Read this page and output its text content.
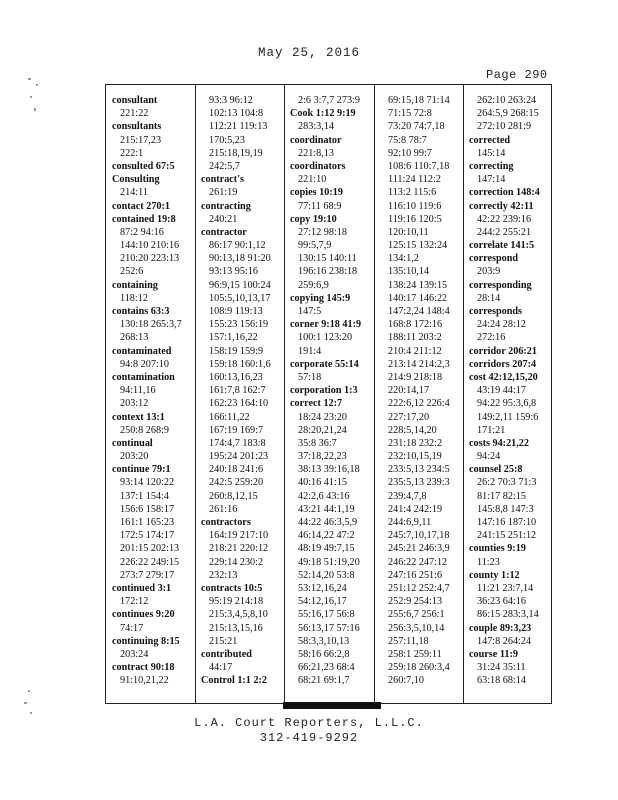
May 25, 2016
Page 290
consultant
221:22
consultants
215:17,23
222:1
consulted 67:5
Consulting
214:11
contact 270:1
contained 19:8
87:2 94:16
144:10 210:16
210:20 223:13
252:6
containing
118:12
contains 63:3
130:18 265:3,7
268:13
contaminated
94:8 207:10
contamination
94:11,16
203:12
context 13:1
250:8 268:9
continual
203:20
continue 79:1
93:14 120:22
137:1 154:4
156:6 158:17
161:1 165:23
172:5 174:17
201:15 202:13
226:22 249:15
273:7 279:17
continued 3:1
172:12
continues 9:20
74:17
continuing 8:15
203:24
contract 90:18
91:10,21,22
93:3 96:12
102:13 104:8
112:21 119:13
170:5,23
215:18,19,19
242:5,7
contract's
261:19
contracting
240:21
contractor
86:17 90:1,12
90:13,18 91:20
93:13 95:16
96:9,15 100:24
105:5,10,13,17
108:9 119:13
155:23 156:19
157:1,16,22
158:19 159:9
159:18 160:1,6
160:13,16,23
161:7,8 162:7
162:23 164:10
166:11,22
167:19 169:7
174:4,7 183:8
195:24 201:23
240:18 241:6
242:5 259:20
260:8,12,15
261:16
contractors
164:19 217:10
218:21 220:12
229:14 230:2
232:13
contracts 10:5
95:19 214:18
215:3,4,5,8,10
215:13,15,16
215:21
contributed
44:17
Control 1:1 2:2
2:6 3:7,7 273:9
Cook 1:12 9:19
283:3,14
coordinator
221:8,13
coordinators
221:10
copies 10:19
77:11 68:9
copy 19:10
27:12 98:18
99:5,7,9
130:15 140:11
196:16 238:18
259:6,9
copying 145:9
147:5
corner 9:18 41:9
100:1 123:20
191:4
corporate 55:14
57:18
corporation 1:3
correct 12:7
18:24 23:20
28:20,21,24
35:8 36:7
37:18,22,23
38:13 39:16,18
40:16 41:15
42:2,6 43:16
43:21 44:1,19
44:22 46:3,5,9
46:14,22 47:2
48:19 49:7,15
49:18 51:19,20
52:14,20 53:8
53:12,16,24
54:12,16,17
55:16,17 56:8
56:13,17 57:16
58:3,3,10,13
58:16 66:2,8
66:21,23 68:4
68:21 69:1,7
69:15,18 71:14
71:15 72:8
73:20 74:7,18
75:8 78:7
92:10 99:7
108:6 110:7,18
111:24 112:2
113:2 115:6
116:10 119:6
119:16 120:5
120:10,11
125:15 132:24
134:1,2
135:10,14
138:24 139:15
140:17 146:22
147:2,24 148:4
168:8 172:16
188:11 203:2
210:4 211:12
213:14 214:2,3
214:9 218:18
220:14,17
222:6,12 226:4
227:17,20
228:5,14,20
231:18 232:2
232:10,15,19
233:5,13 234:5
235:5,13 239:3
239:4,7,8
241:4 242:19
244:6,9,11
245:7,10,17,18
245:21 246:3,9
246:22 247:12
247:16 251:6
251:12 252:4,7
252:9 254:13
255:6,7 256:1
256:3,5,10,14
257:11,18
258:1 259:11
259:18 260:3,4
260:7,10
262:10 263:24
264:5,9 268:15
272:10 281:9
corrected
145:14
correcting
147:14
correction 148:4
correctly 42:11
42:22 239:16
244:2 255:21
correlate 141:5
correspond
203:9
corresponding
28:14
corresponds
24:24 28:12
272:16
corridor 206:21
corridors 207:4
cost 42:12,15,20
43:19 44:17
94:22 95:3,6,8
149:2,11 159:6
171:21
costs 94:21,22
94:24
counsel 25:8
26:2 70:3 71:3
81:17 82:15
145:8,8 147:3
147:16 187:10
241:15 251:12
counties 9:19
11:23
county 1:12
11:21 23:7,14
36:23 64:16
86:15 283:3,14
couple 89:3,23
147:8 264:24
course 11:9
31:24 35:11
63:18 68:14
L.A. Court Reporters, L.L.C.
312-419-9292
